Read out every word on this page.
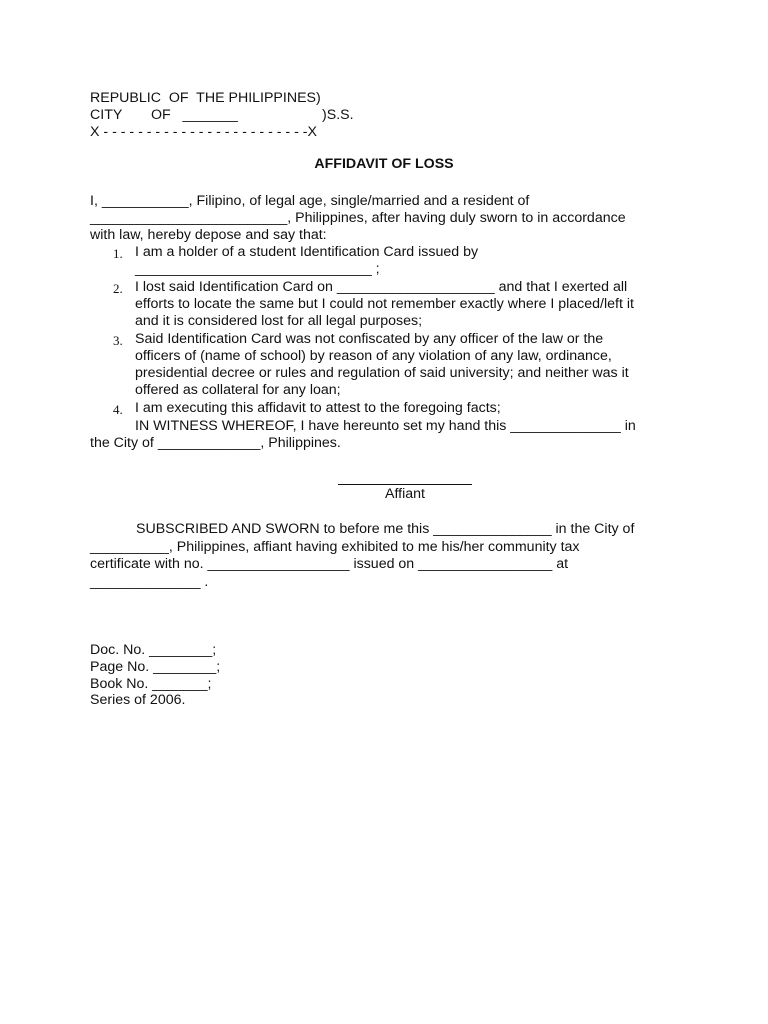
REPUBLIC  OF  THE PHILIPPINES)
CITY OF   _______	)S.S.
X - - - - - - - - - - - - - - - - - - - - - - - -X
AFFIDAVIT OF LOSS
I, ___________, Filipino, of legal age, single/married and a resident of
_________________________, Philippines, after having duly sworn to in accordance
with law, hereby depose and say that:
1. I am a holder of a student Identification Card issued by
______________________________ ;
2. I lost said Identification Card on ____________________ and that I exerted all
efforts to locate the same but I could not remember exactly where I placed/left it
and it is considered lost for all legal purposes;
3. Said Identification Card was not confiscated by any officer of the law or the
officers of (name of school) by reason of any violation of any law, ordinance,
presidential decree or rules and regulation of said university; and neither was it
offered as collateral for any loan;
4. I am executing this affidavit to attest to the foregoing facts;
IN WITNESS WHEREOF, I have hereunto set my hand this ______________ in
the City of _____________, Philippines.
Affiant
SUBSCRIBED AND SWORN to before me this _______________ in the City of
__________, Philippines, affiant having exhibited to me his/her community tax
certificate with no. __________________ issued on _________________ at
______________ .
Doc. No. ________;
Page No. ________;
Book No. _______;
Series of 2006.
